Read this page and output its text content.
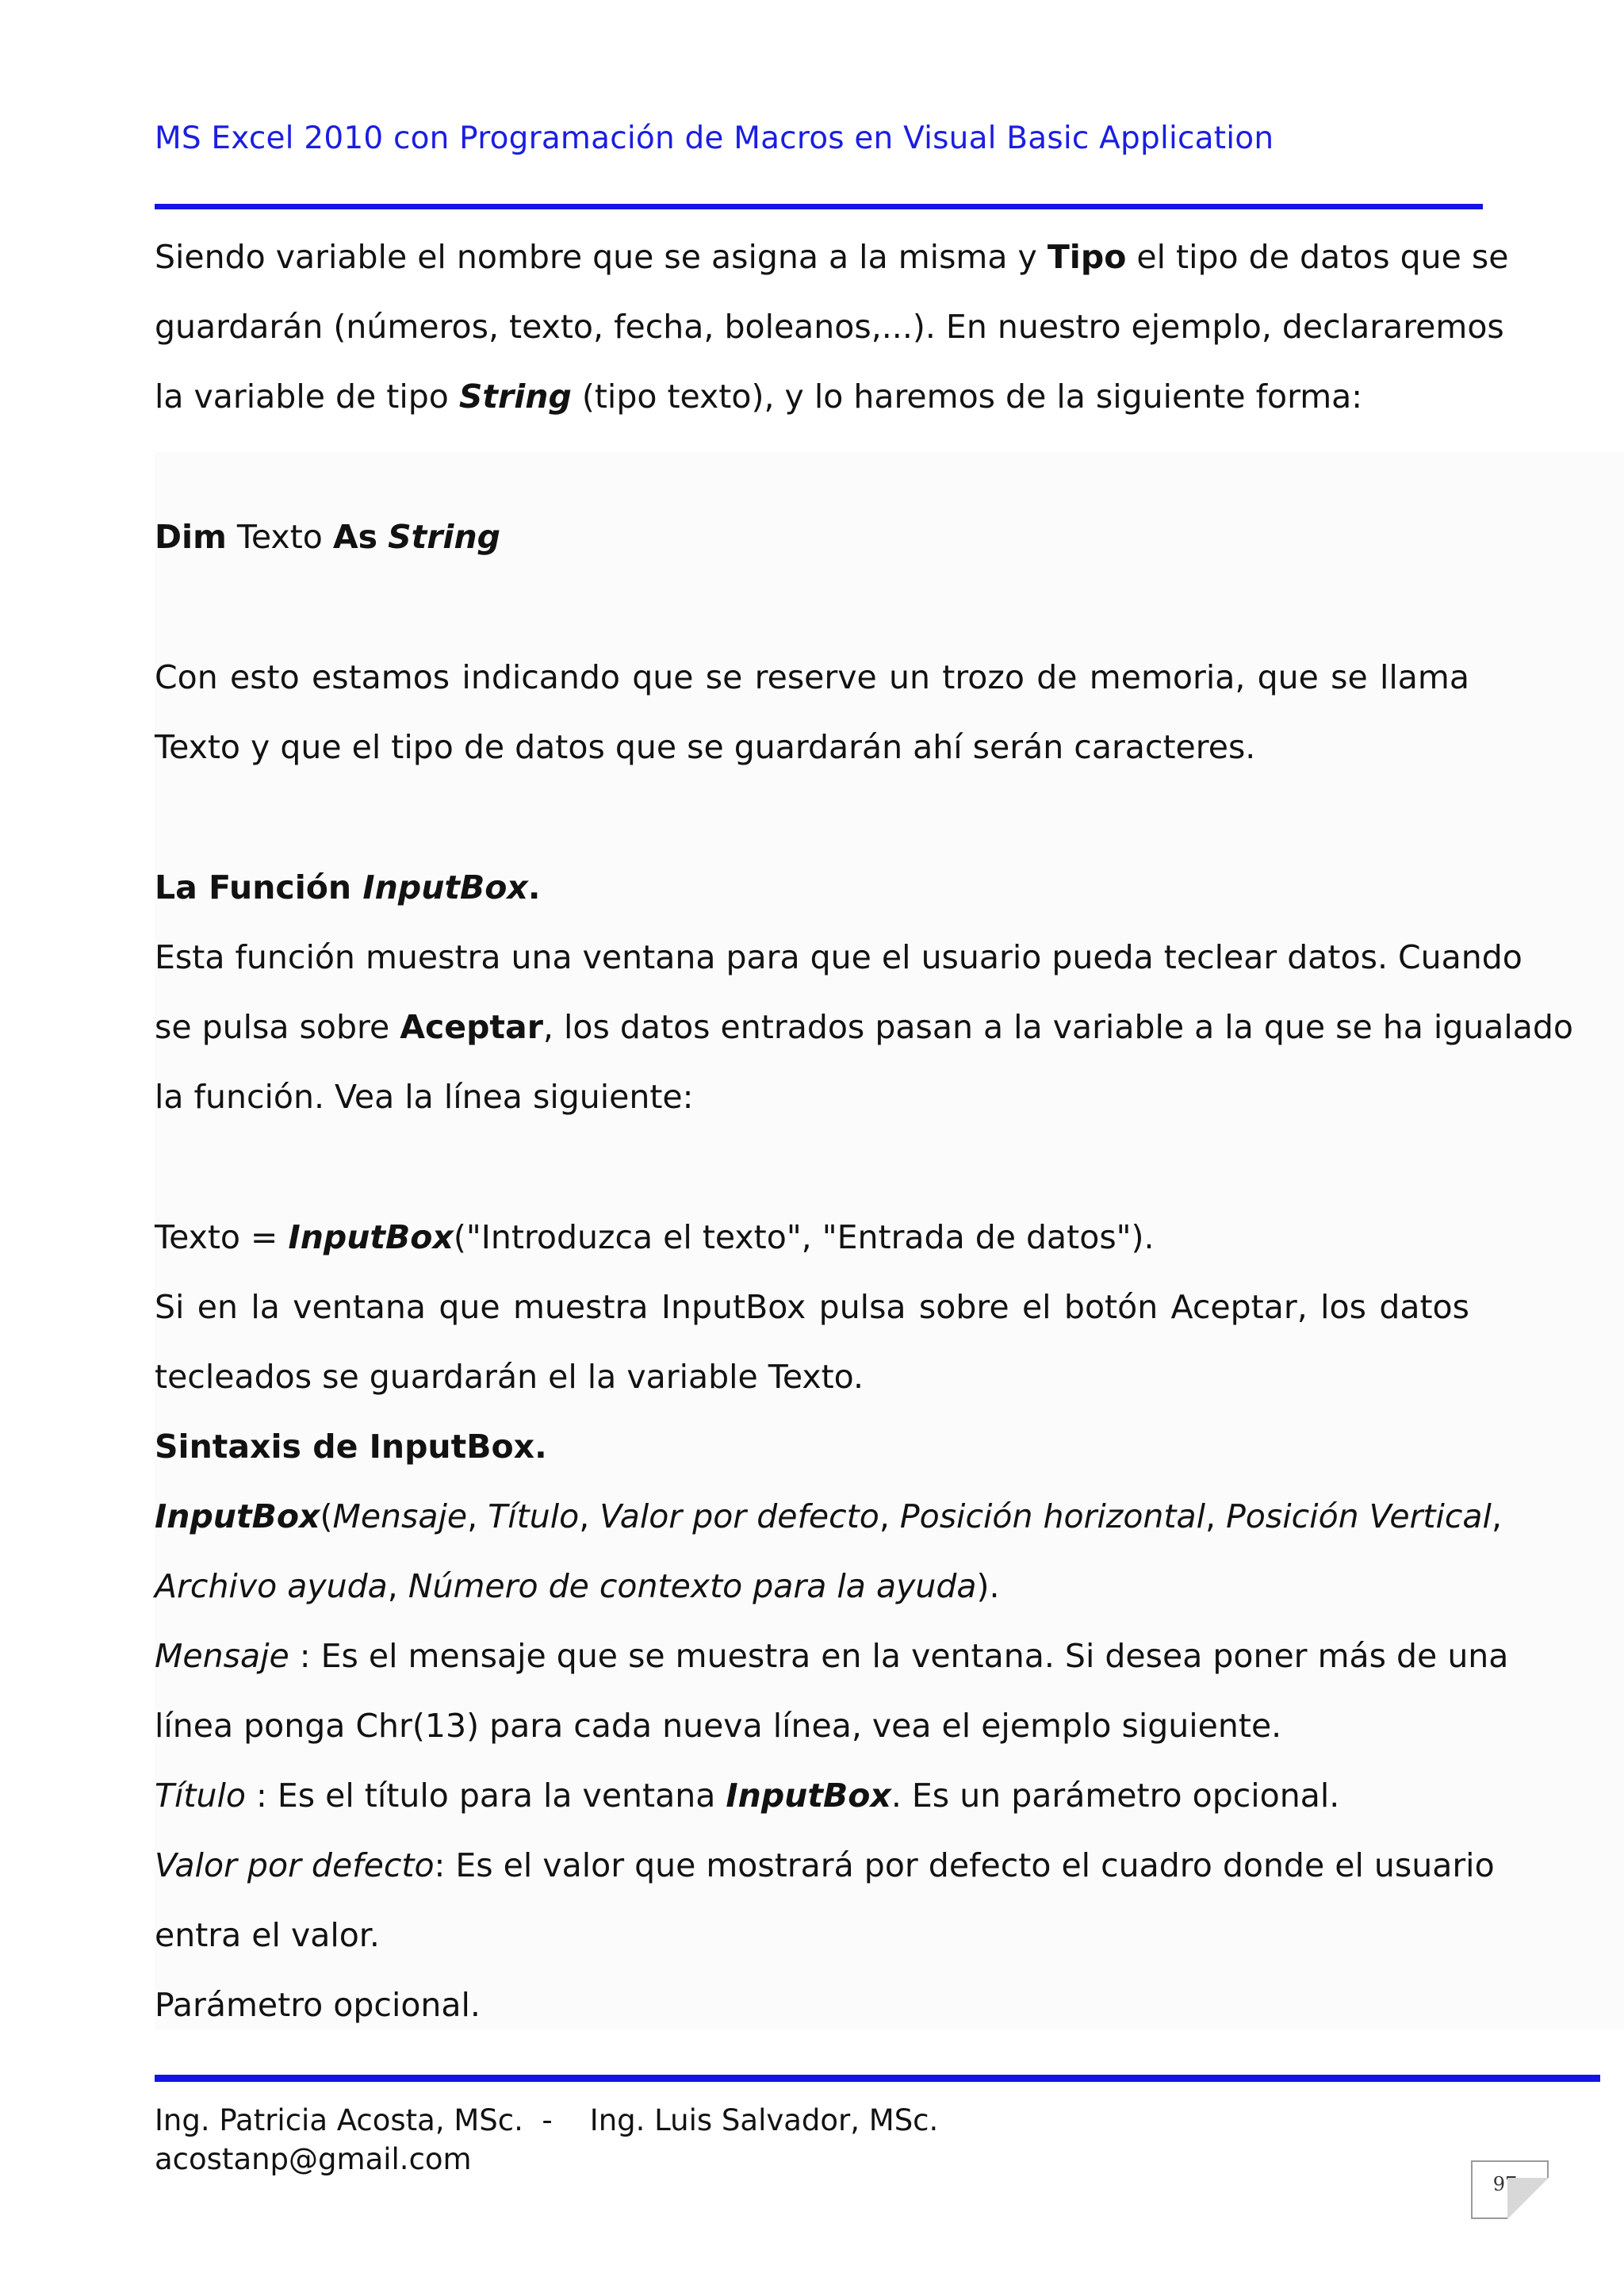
MS Excel 2010 con Programación de Macros en Visual Basic Application
Siendo variable el nombre que se asigna a la misma y Tipo el tipo de datos que se
guardarán (números, texto, fecha, boleanos,...). En nuestro ejemplo, declararemos
la variable de tipo String (tipo texto), y lo haremos de la siguiente forma:
Dim Texto As String
Con esto estamos indicando que se reserve un trozo de memoria, que se llama
Texto y que el tipo de datos que se guardarán ahí serán caracteres.
La Función InputBox.
Esta función muestra una ventana para que el usuario pueda teclear datos. Cuando
se pulsa sobre Aceptar, los datos entrados pasan a la variable a la que se ha igualado
la función. Vea la línea siguiente:
Texto = InputBox("Introduzca el texto", "Entrada de datos").
Si en la ventana que muestra InputBox pulsa sobre el botón Aceptar, los datos
tecleados se guardarán el la variable Texto.
Sintaxis de InputBox.
InputBox(Mensaje, Título, Valor por defecto, Posición horizontal, Posición Vertical,
Archivo ayuda, Número de contexto para la ayuda).
Mensaje : Es el mensaje que se muestra en la ventana. Si desea poner más de una
línea ponga Chr(13) para cada nueva línea, vea el ejemplo siguiente.
Título : Es el título para la ventana InputBox. Es un parámetro opcional.
Valor por defecto: Es el valor que mostrará por defecto el cuadro donde el usuario
entra el valor.
Parámetro opcional.
Ing. Patricia Acosta, MSc.  -    Ing. Luis Salvador, MSc.
acostanp@gmail.com
97
